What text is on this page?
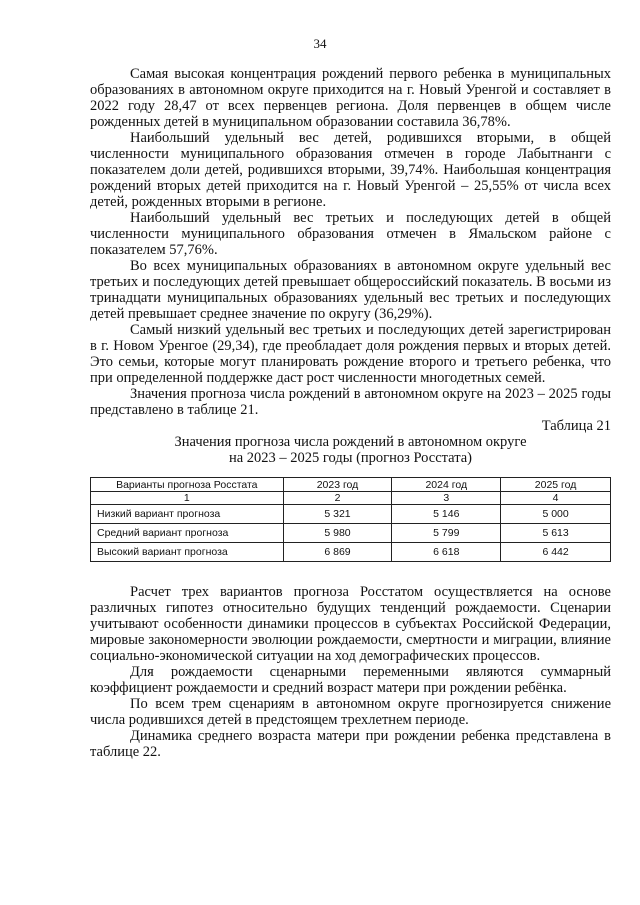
34

Самая высокая концентрация рождений первого ребенка в муниципальных образованиях в автономном округе приходится на г. Новый Уренгой и составляет в 2022 году 28,47 от всех первенцев региона. Доля первенцев в общем числе рожденных детей в муниципальном образовании составила 36,78%.

Наибольший удельный вес детей, родившихся вторыми, в общей численности муниципального образования отмечен в городе Лабытнанги с показателем доли детей, родившихся вторыми, 39,74%. Наибольшая концентрация рождений вторых детей приходится на г. Новый Уренгой – 25,55% от числа всех детей, рожденных вторыми в регионе.

Наибольший удельный вес третьих и последующих детей в общей численности муниципального образования отмечен в Ямальском районе с показателем 57,76%.

Во всех муниципальных образованиях в автономном округе удельный вес третьих и последующих детей превышает общероссийский показатель. В восьми из тринадцати муниципальных образованиях удельный вес третьих и последующих детей превышает среднее значение по округу (36,29%).

Самый низкий удельный вес третьих и последующих детей зарегистрирован в г. Новом Уренгое (29,34), где преобладает доля рождения первых и вторых детей. Это семьи, которые могут планировать рождение второго и третьего ребенка, что при определенной поддержке даст рост численности многодетных семей.

Значения прогноза числа рождений в автономном округе на 2023 – 2025 годы представлено в таблице 21.

Таблица 21
Значения прогноза числа рождений в автономном округе
на 2023 – 2025 годы (прогноз Росстата)
Варианты прогноза Росстата	2023 год	2024 год	2025 год
1	2	3	4
Низкий вариант прогноза	5 321	5 146	5 000
Средний вариант прогноза	5 980	5 799	5 613
Высокий вариант прогноза	6 869	6 618	6 442

Расчет трех вариантов прогноза Росстатом осуществляется на основе различных гипотез относительно будущих тенденций рождаемости. Сценарии учитывают особенности динамики процессов в субъектах Российской Федерации, мировые закономерности эволюции рождаемости, смертности и миграции, влияние социально-экономической ситуации на ход демографических процессов.

Для рождаемости сценарными переменными являются суммарный коэффициент рождаемости и средний возраст матери при рождении ребёнка.

По всем трем сценариям в автономном округе прогнозируется снижение числа родившихся детей в предстоящем трехлетнем периоде.

Динамика среднего возраста матери при рождении ребенка представлена в таблице 22.
